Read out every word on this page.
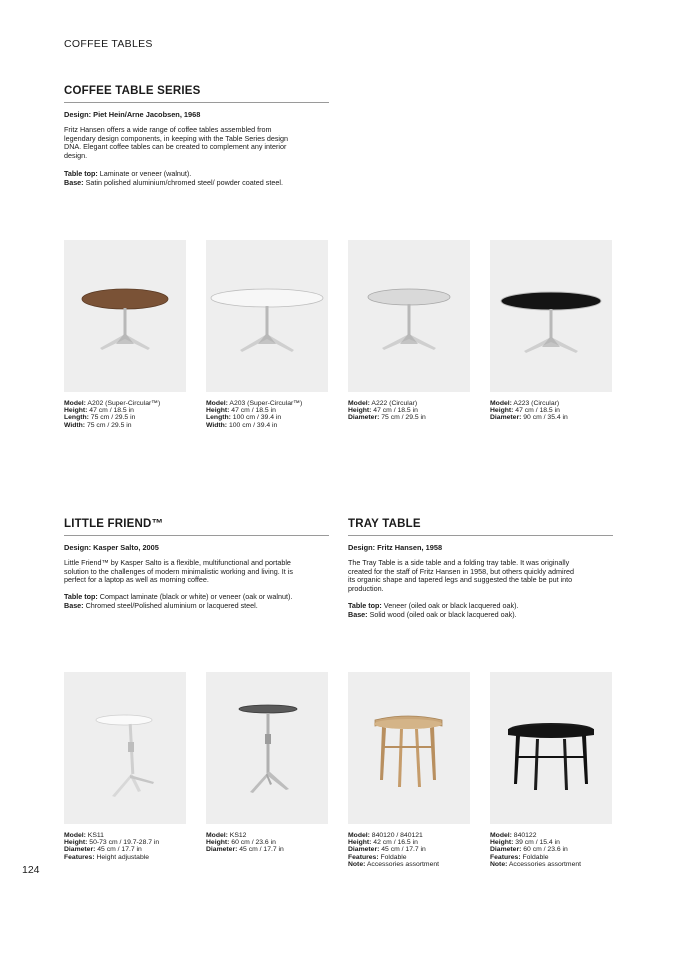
COFFEE TABLES
COFFEE TABLE SERIES
Design: Piet Hein/Arne Jacobsen, 1968
Fritz Hansen offers a wide range of coffee tables assembled from
legendary design components, in keeping with the Table Series design
DNA. Elegant coffee tables can be created to complement any interior
design.
Table top: Laminate or veneer (walnut).
Base: Satin polished aluminium/chromed steel/ powder coated steel.
Model: A202 (Super-Circular™)
Height: 47 cm / 18.5 in
Length: 75 cm / 29.5 in
Width: 75 cm / 29.5 in
Model: A203 (Super-Circular™)
Height: 47 cm / 18.5 in
Length: 100 cm / 39.4 in
Width: 100 cm / 39.4 in
Model: A222 (Circular)
Height: 47 cm / 18.5 in
Diameter: 75 cm / 29.5 in
Model: A223 (Circular)
Height: 47 cm / 18.5 in
Diameter: 90 cm / 35.4 in
LITTLE FRIEND™
Design: Kasper Salto, 2005
Little Friend™ by Kasper Salto is a flexible, multifunctional and portable
solution to the challenges of modern minimalistic working and living. It is
perfect for a laptop as well as morning coffee.
Table top: Compact laminate (black or white) or veneer (oak or walnut).
Base: Chromed steel/Polished aluminium or lacquered steel.
TRAY TABLE
Design: Fritz Hansen, 1958
The Tray Table is a side table and a folding tray table. It was originally
created for the staff of Fritz Hansen in 1958, but others quickly admired
its organic shape and tapered legs and suggested the table be put into
production.
Table top: Veneer (oiled oak or black lacquered oak).
Base: Solid wood (oiled oak or black lacquered oak).
Model: KS11
Height: 50-73 cm / 19.7-28.7 in
Diameter: 45 cm / 17.7 in
Features: Height adjustable
Model: KS12
Height: 60 cm / 23.6 in
Diameter: 45 cm / 17.7 in
Model: 840120 / 840121
Height: 42 cm / 16.5 in
Diameter: 45 cm / 17.7 in
Features: Foldable
Note: Accessories assortment
Model: 840122
Height: 39 cm / 15.4 in
Diameter: 60 cm / 23.6 in
Features: Foldable
Note: Accessories assortment
124
